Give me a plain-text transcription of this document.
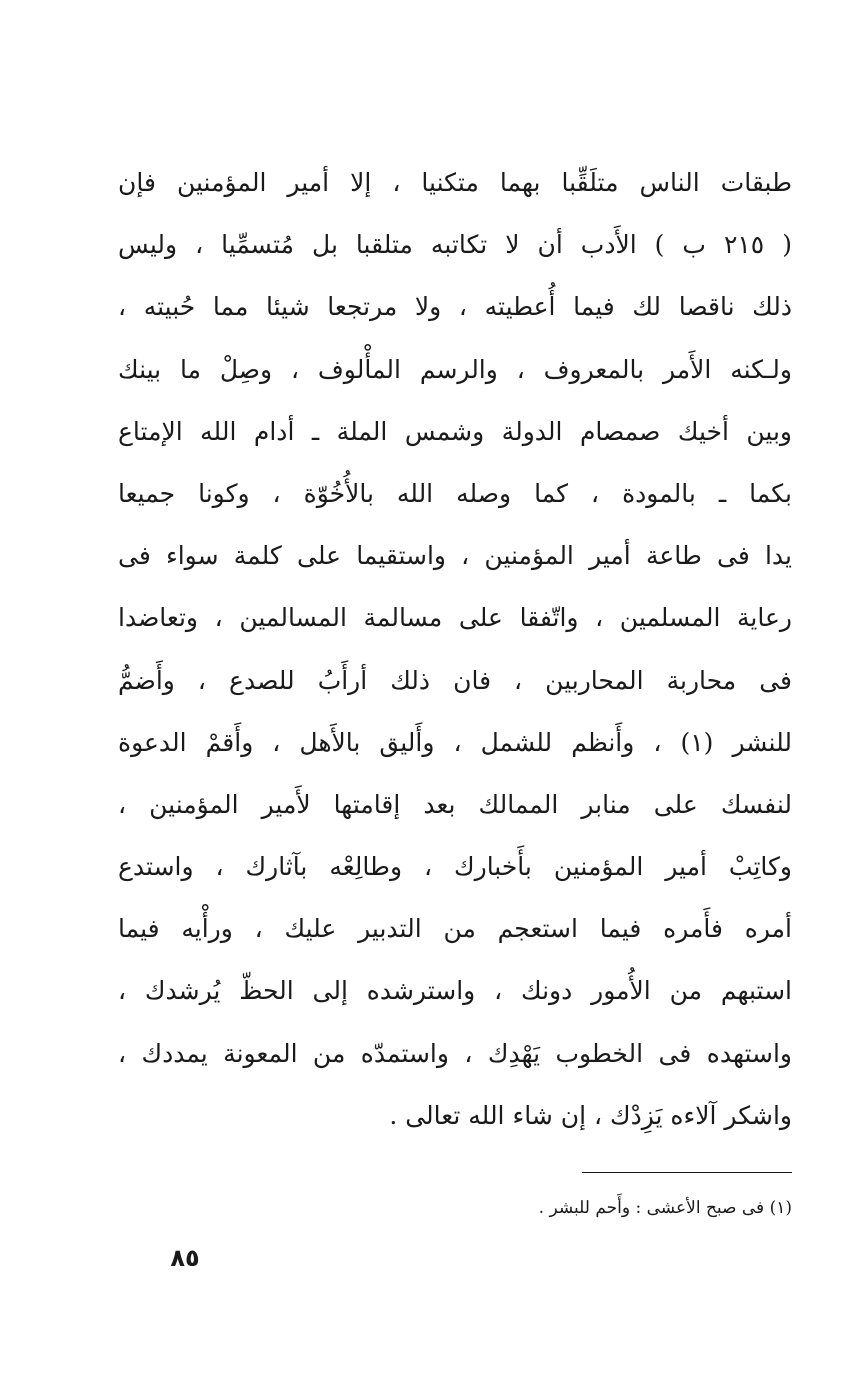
طبقات الناس متلَقِّبا بهما متكنيا ، إلا أمير المؤمنين فإن
( ٢١٥ ب ) الأَدب أن لا تكاتبه متلقبا بل مُتسمِّيا ، وليس
ذلك ناقصا لك فيما أُعطيته ، ولا مرتجعا شيئا مما حُبيته ،
ولـكنه الأَمر بالمعروف ، والرسم المأْلوف ، وصِلْ ما بينك
وبين أخيك صمصام الدولة وشمس الملة ـ أدام الله الإمتاع
بكما ـ بالمودة ، كما وصله الله بالأُخُوّة ، وكونا جميعا
يدا فى طاعة أمير المؤمنين ، واستقيما على كلمة سواء فى
رعاية المسلمين ، واتّفقا على مسالمة المسالمين ، وتعاضدا
فى محاربة المحاربين ، فان ذلك أرأَبُ للصدع ، وأَضمُّ
للنشر (١) ، وأَنظم للشمل ، وأَليق بالأَهل ، وأَقمْ الدعوة
لنفسك على منابر الممالك بعد إقامتها لأَمير المؤمنين ،
وكاتِبْ أمير المؤمنين بأَخبارك ، وطالِعْه بآثارك ، واستدع
أمره فأَمره فيما استعجم من التدبير عليك ، ورأْيه فيما
استبهم من الأُمور دونك ، واسترشده إلى الحظّ يُرشدك ،
واستهده فى الخطوب يَهْدِك ، واستمدّه من المعونة يمددك ،
واشكر آلاءه يَزِدْك ، إن شاء الله تعالى .
(١) فى صبح الأعشى : وأَحم للبشر .
٨٥
